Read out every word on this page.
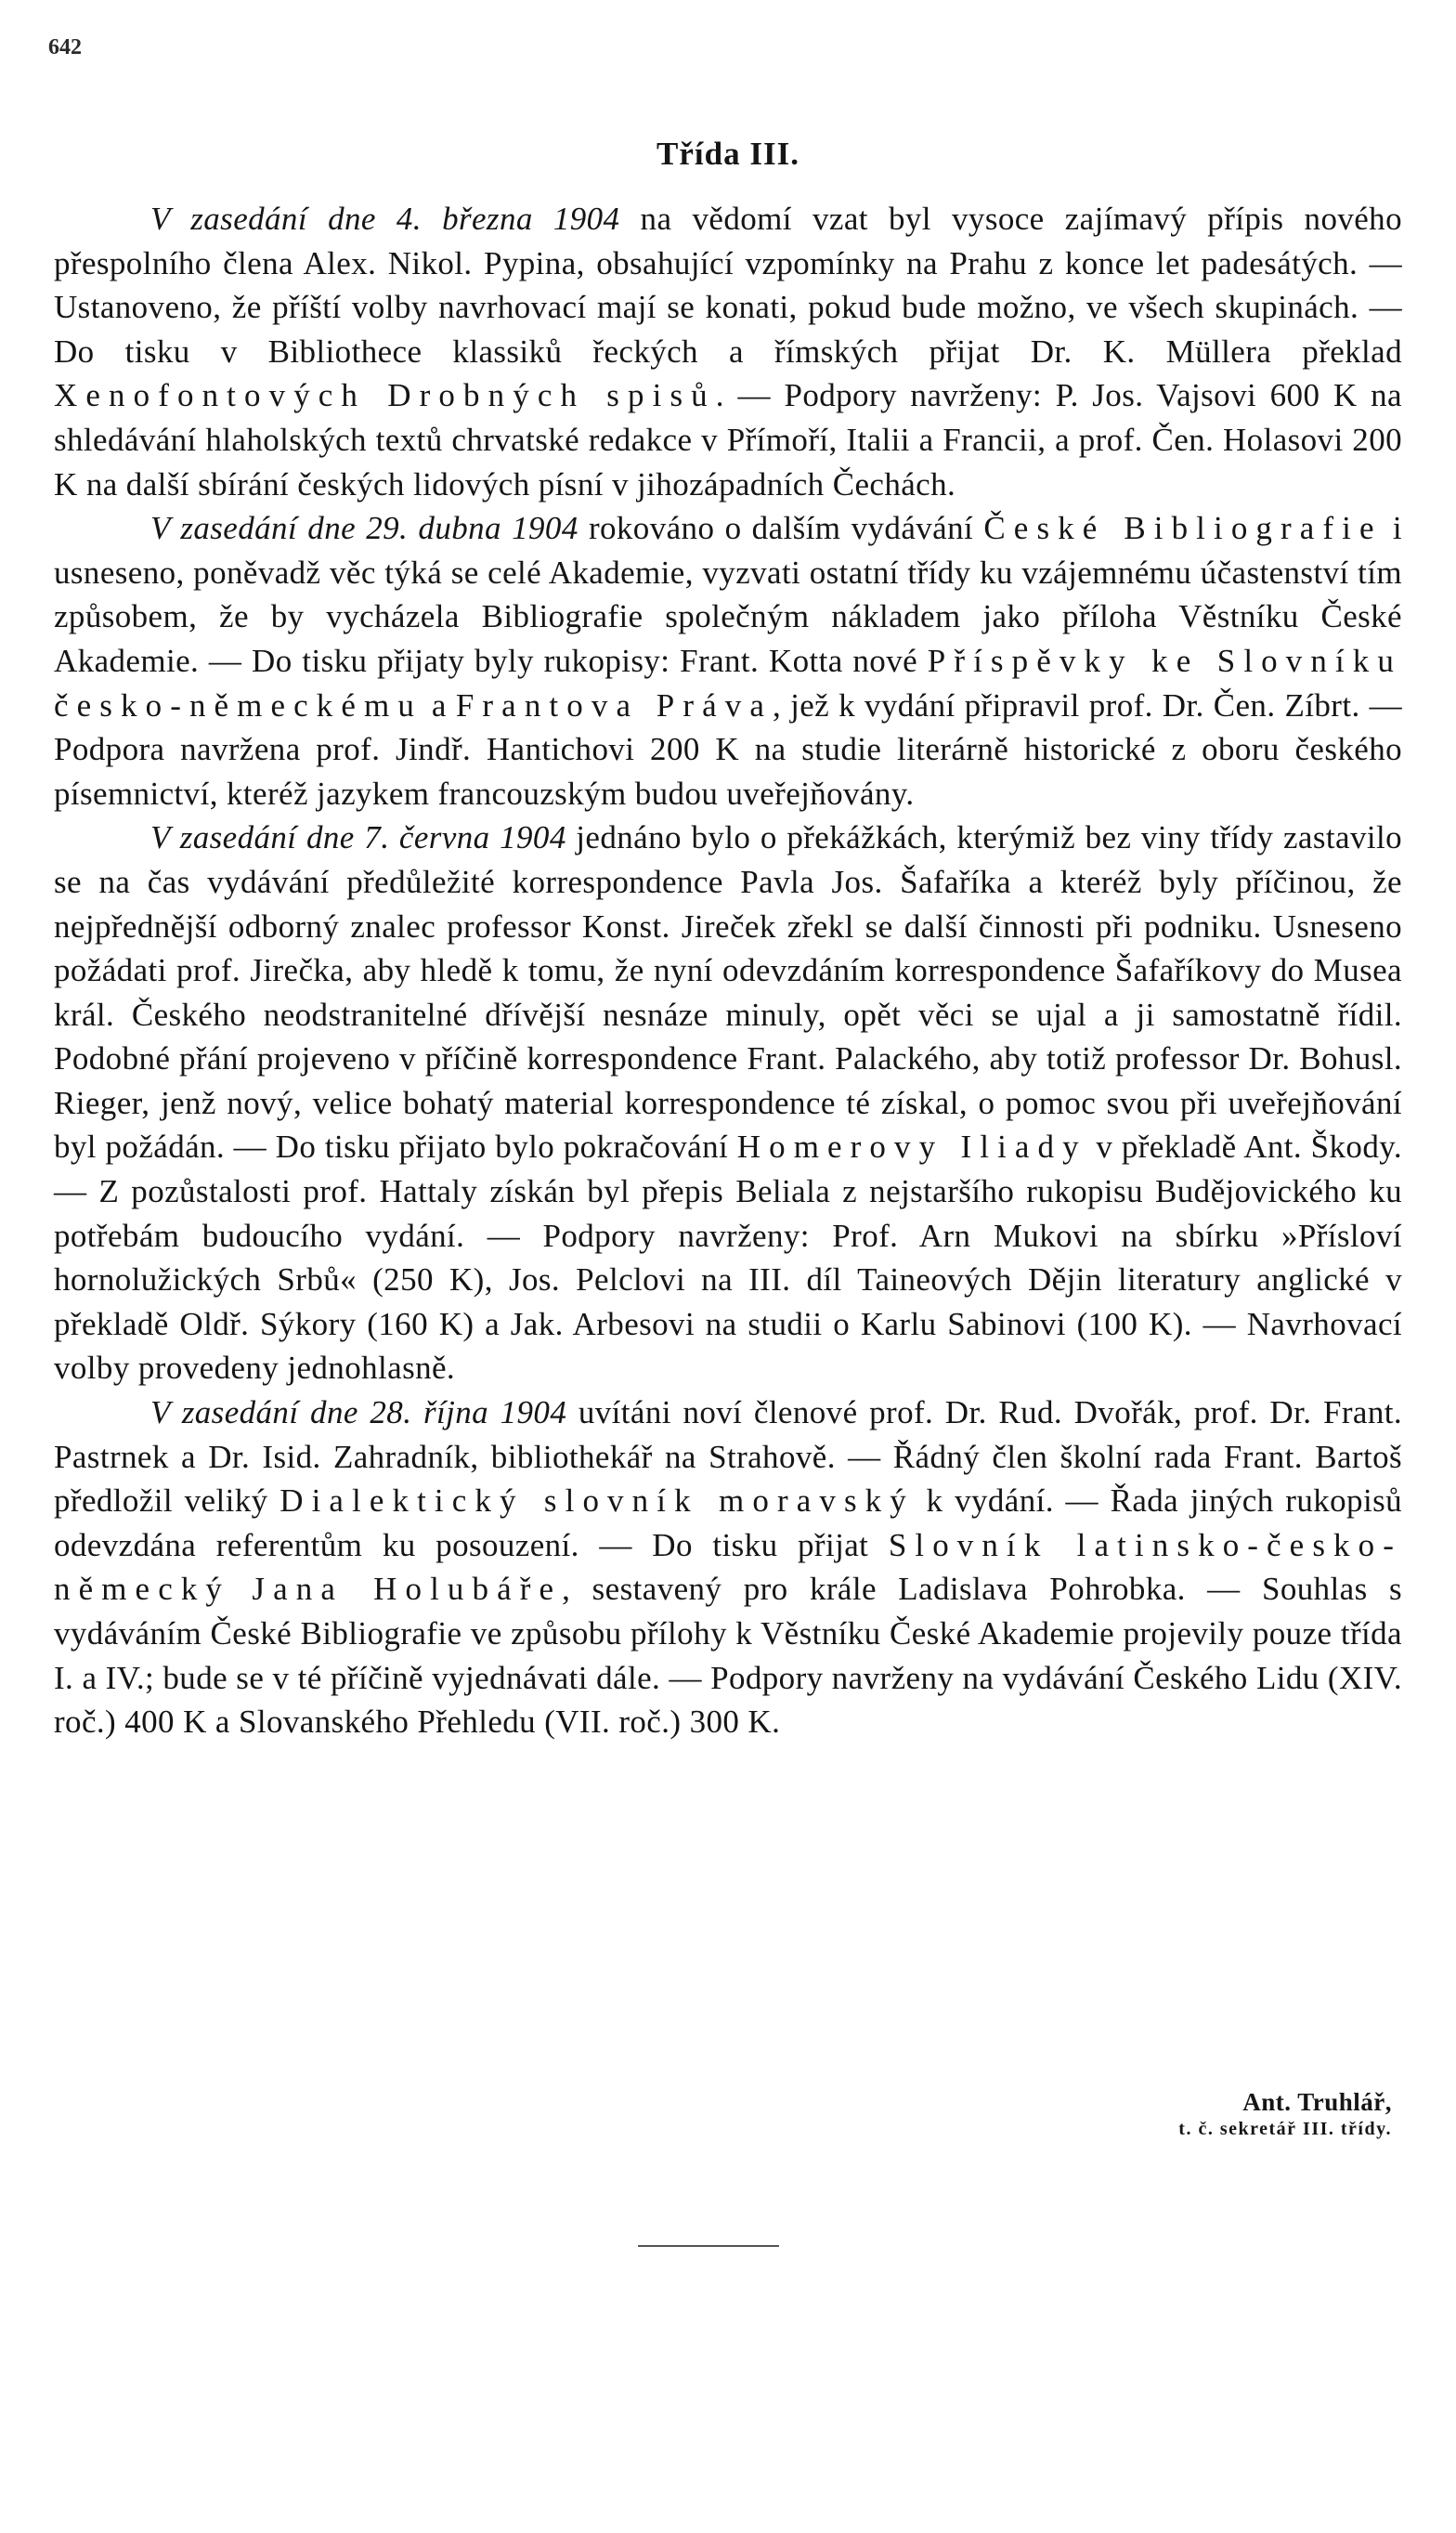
642
Třída III.

V zasedání dne 4. března 1904 na vědomí vzat byl vysoce zajímavý přípis nového přespolního člena Alex. Nikol. Pypina, obsahující vzpomínky na Prahu z konce let padesátých. — Ustanoveno, že příští volby navrhovací mají se konati, pokud bude možno, ve všech skupinách. — Do tisku v Bibliothece klassiků řeckých a římských přijat Dr. K. Müllera překlad Xenofontových Drobných spisů. — Podpory navrženy: P. Jos. Vajsovi 600 K na shledávání hlaholských textů chrvatské redakce v Přímoří, Italii a Francii, a prof. Čen. Holasovi 200 K na další sbírání českých lidových písní v jihozápadních Čechách.

V zasedání dne 29. dubna 1904 rokováno o dalším vydávání České Bibliografie i usneseno, poněvadž věc týká se celé Akademie, vyzvati ostatní třídy ku vzájemnému účastenství tím způsobem, že by vycházela Bibliografie společným nákladem jako příloha Věstníku České Akademie. — Do tisku přijaty byly rukopisy: Frant. Kotta nové Příspěvky ke Slovníku česko-německému a Frantova Práva, jež k vydání připravil prof. Dr. Čen. Zíbrt. — Podpora navržena prof. Jindř. Hantichovi 200 K na studie literárně historické z oboru českého písemnictví, kteréž jazykem francouzským budou uveřejňovány.

V zasedání dne 7. června 1904 jednáno bylo o překážkách, kterýmiž bez viny třídy zastavilo se na čas vydávání předůležité korrespondence Pavla Jos. Šafaříka a kteréž byly příčinou, že nejpřednější odborný znalec professor Konst. Jireček zřekl se další činnosti při podniku. Usneseno požádati prof. Jirečka, aby hledě k tomu, že nyní odevzdáním korrespondence Šafaříkovy do Musea král. Českého neodstranitelné dřívější nesnáze minuly, opět věci se ujal a ji samostatně řídil. Podobné přání projeveno v příčině korrespondence Frant. Palackého, aby totiž professor Dr. Bohusl. Rieger, jenž nový, velice bohatý material korrespondence té získal, o pomoc svou při uveřejňování byl požádán. — Do tisku přijato bylo pokračování Homerovy Iliady v překladě Ant. Škody. — Z pozůstalosti prof. Hattaly získán byl přepis Beliala z nejstaršího rukopisu Budějovického ku potřebám budoucího vydání. — Podpory navrženy: Prof. Arn Mukovi na sbírku »Přísloví hornolužických Srbů« (250 K), Jos. Pelclovi na III. díl Taineových Dějin literatury anglické v překladě Oldř. Sýkory (160 K) a Jak. Arbesovi na studii o Karlu Sabinovi (100 K). — Navrhovací volby provedeny jednohlasně.

V zasedání dne 28. října 1904 uvítáni noví členové prof. Dr. Rud. Dvořák, prof. Dr. Frant. Pastrnek a Dr. Isid. Zahradník, bibliothekář na Strahově. — Řádný člen školní rada Frant. Bartoš předložil veliký Dialektický slovník moravský k vydání. — Řada jiných rukopisů odevzdána referentům ku posouzení. — Do tisku přijat Slovník latinsko-česko-německý Jana Holubáře, sestavený pro krále Ladislava Pohrobka. — Souhlas s vydáváním České Bibliografie ve způsobu přílohy k Věstníku České Akademie projevily pouze třída I. a IV.; bude se v té příčině vyjednávati dále. — Podpory navrženy na vydávání Českého Lidu (XIV. roč.) 400 K a Slovanského Přehledu (VII. roč.) 300 K.

Ant. Truhlář,
t. č. sekretář III. třídy.
